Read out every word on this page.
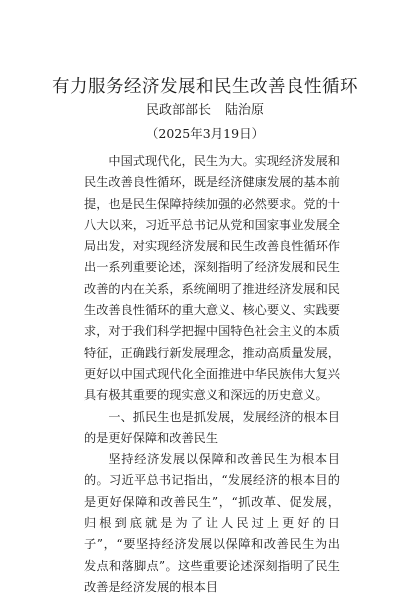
有力服务经济发展和民生改善良性循环
民政部部长 陆治原
（2025年3月19日）

中国式现代化，民生为大。实现经济发展和民生改善良性循环，既是经济健康发展的基本前提，也是民生保障持续加强的必然要求。党的十八大以来，习近平总书记从党和国家事业发展全局出发，对实现经济发展和民生改善良性循环作出一系列重要论述，深刻指明了经济发展和民生改善的内在关系，系统阐明了推进经济发展和民生改善良性循环的重大意义、核心要义、实践要求，对于我们科学把握中国特色社会主义的本质特征，正确践行新发展理念，推动高质量发展，更好以中国式现代化全面推进中华民族伟大复兴具有极其重要的现实意义和深远的历史意义。

一、抓民生也是抓发展，发展经济的根本目的是更好保障和改善民生

坚持经济发展以保障和改善民生为根本目的。习近平总书记指出，“发展经济的根本目的是更好保障和改善民生”，“抓改革、促发展，归根到底就是为了让人民过上更好的日子”，“要坚持经济发展以保障和改善民生为出发点和落脚点”。这些重要论述深刻指明了民生改善是经济发展的根本目
